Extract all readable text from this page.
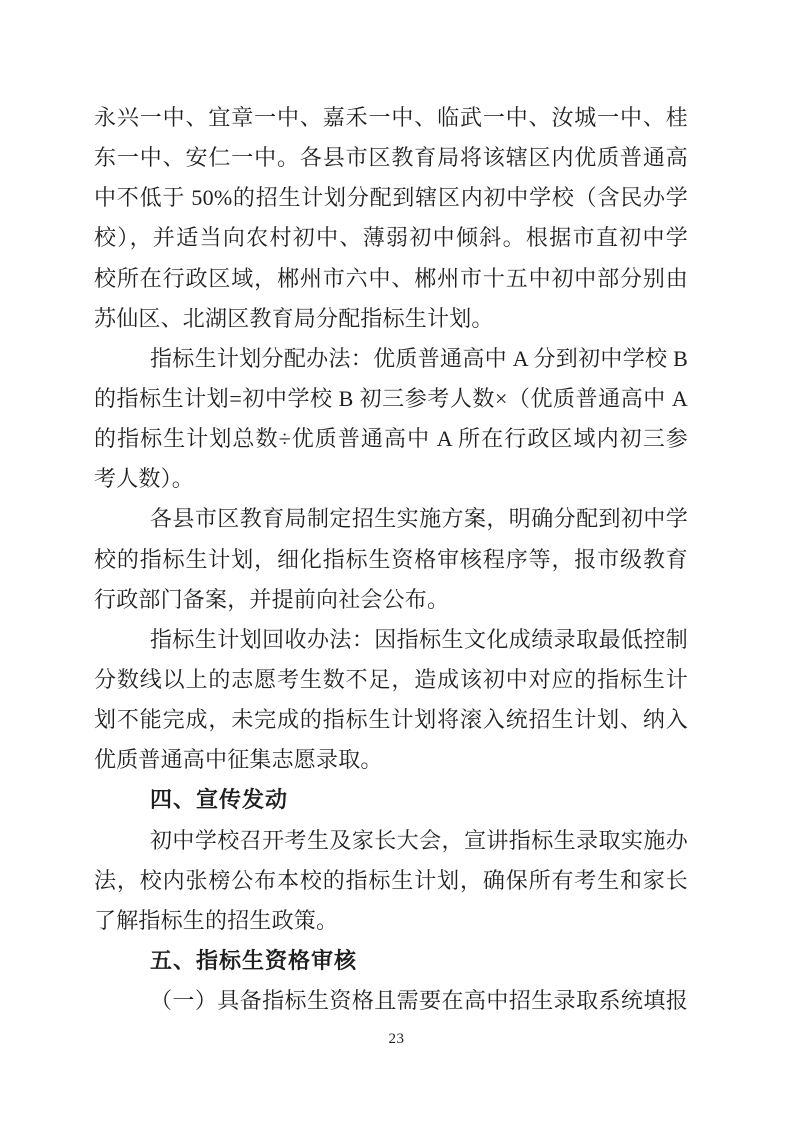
永兴一中、宜章一中、嘉禾一中、临武一中、汝城一中、桂
东一中、安仁一中。各县市区教育局将该辖区内优质普通高
中不低于 50%的招生计划分配到辖区内初中学校（含民办学
校），并适当向农村初中、薄弱初中倾斜。根据市直初中学
校所在行政区域，郴州市六中、郴州市十五中初中部分别由
苏仙区、北湖区教育局分配指标生计划。
指标生计划分配办法：优质普通高中 A 分到初中学校 B
的指标生计划=初中学校 B 初三参考人数×（优质普通高中 A
的指标生计划总数÷优质普通高中 A 所在行政区域内初三参
考人数）。
各县市区教育局制定招生实施方案，明确分配到初中学
校的指标生计划，细化指标生资格审核程序等，报市级教育
行政部门备案，并提前向社会公布。
指标生计划回收办法：因指标生文化成绩录取最低控制
分数线以上的志愿考生数不足，造成该初中对应的指标生计
划不能完成，未完成的指标生计划将滚入统招生计划、纳入
优质普通高中征集志愿录取。
四、宣传发动
初中学校召开考生及家长大会，宣讲指标生录取实施办
法，校内张榜公布本校的指标生计划，确保所有考生和家长
了解指标生的招生政策。
五、指标生资格审核
（一）具备指标生资格且需要在高中招生录取系统填报
23
